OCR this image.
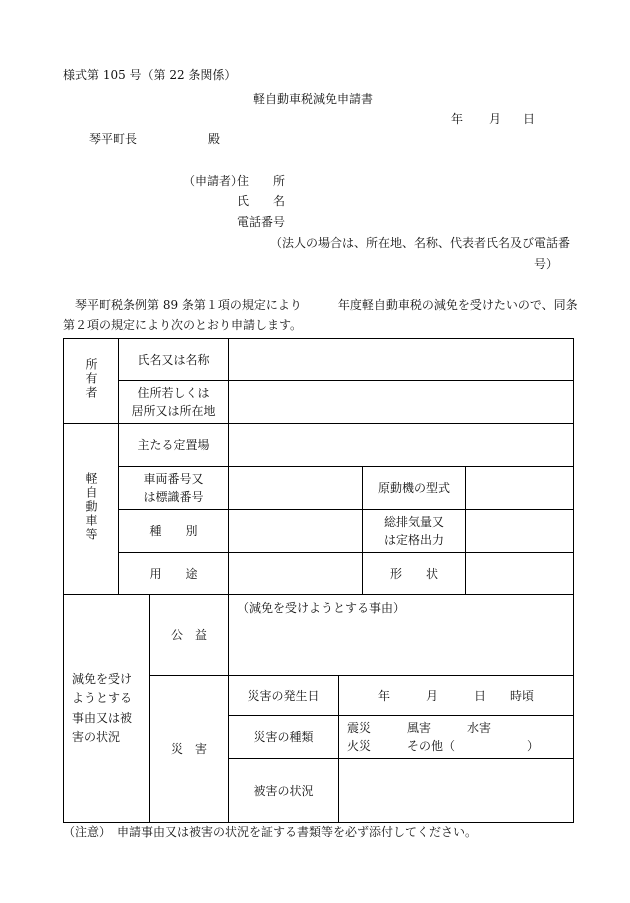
様式第 105 号（第 22 条関係）
軽自動車税減免申請書
年 月 日
琴平町長	殿
（申請者）
住　　所
氏　　名
電話番号
（法人の場合は、所在地、名称、代表者氏名及び電話番
号）
琴平町税条例第 89 条第１項の規定により　　　年度軽自動車税の減免を受けたいので、同条
第２項の規定により次のとおり申請します。
所有者	氏名又は名称					

	住所若しくは
居所又は所在地					

軽自動車等	主たる定置場					

	車両番号又
は標識番号				原動機の型式	
	種　　別				総排気量又
は定格出力	

	用　　途				形　　状	
減免を受けようとする事由又は被害の状況		公　益	（減免を受けようとする事由）			
		災　害	災害の発生日	年　　　月　　　日　　時頃		
			災害の種類	震災　　　風害　　　水害
火災　　　その他（　　　　　　）		

			被害の状況			
（注意）　申請事由又は被害の状況を証する書類等を必ず添付してください。
